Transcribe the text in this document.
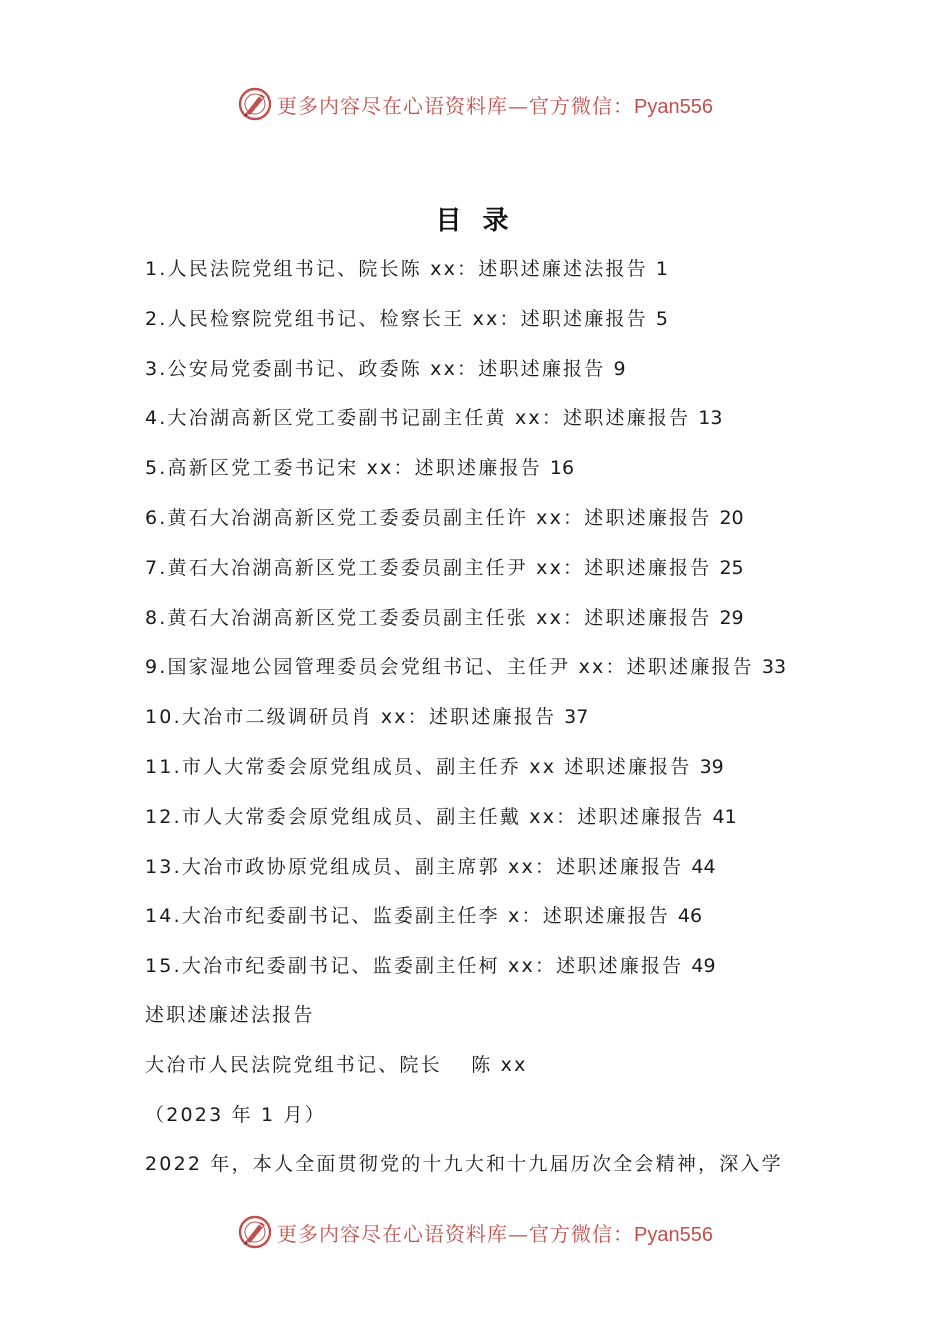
更多内容尽在心语资料库—官方微信：Pyan556
目 录
1.人民法院党组书记、院长陈 xx：述职述廉述法报告 1
2.人民检察院党组书记、检察长王 xx：述职述廉报告 5
3.公安局党委副书记、政委陈 xx：述职述廉报告 9
4.大冶湖高新区党工委副书记副主任黄 xx：述职述廉报告 13
5.高新区党工委书记宋 xx：述职述廉报告 16
6.黄石大冶湖高新区党工委委员副主任许 xx：述职述廉报告 20
7.黄石大冶湖高新区党工委委员副主任尹 xx：述职述廉报告 25
8.黄石大冶湖高新区党工委委员副主任张 xx：述职述廉报告 29
9.国家湿地公园管理委员会党组书记、主任尹 xx：述职述廉报告 33
10.大冶市二级调研员肖 xx：述职述廉报告 37
11.市人大常委会原党组成员、副主任乔 xx 述职述廉报告 39
12.市人大常委会原党组成员、副主任戴 xx：述职述廉报告 41
13.大冶市政协原党组成员、副主席郭 xx：述职述廉报告 44
14.大冶市纪委副书记、监委副主任李 x：述职述廉报告 46
15.大冶市纪委副书记、监委副主任柯 xx：述职述廉报告 49
述职述廉述法报告
大冶市人民法院党组书记、院长　 陈 xx
（2023 年 1 月）
2022 年，本人全面贯彻党的十九大和十九届历次全会精神，深入学
更多内容尽在心语资料库—官方微信：Pyan556
